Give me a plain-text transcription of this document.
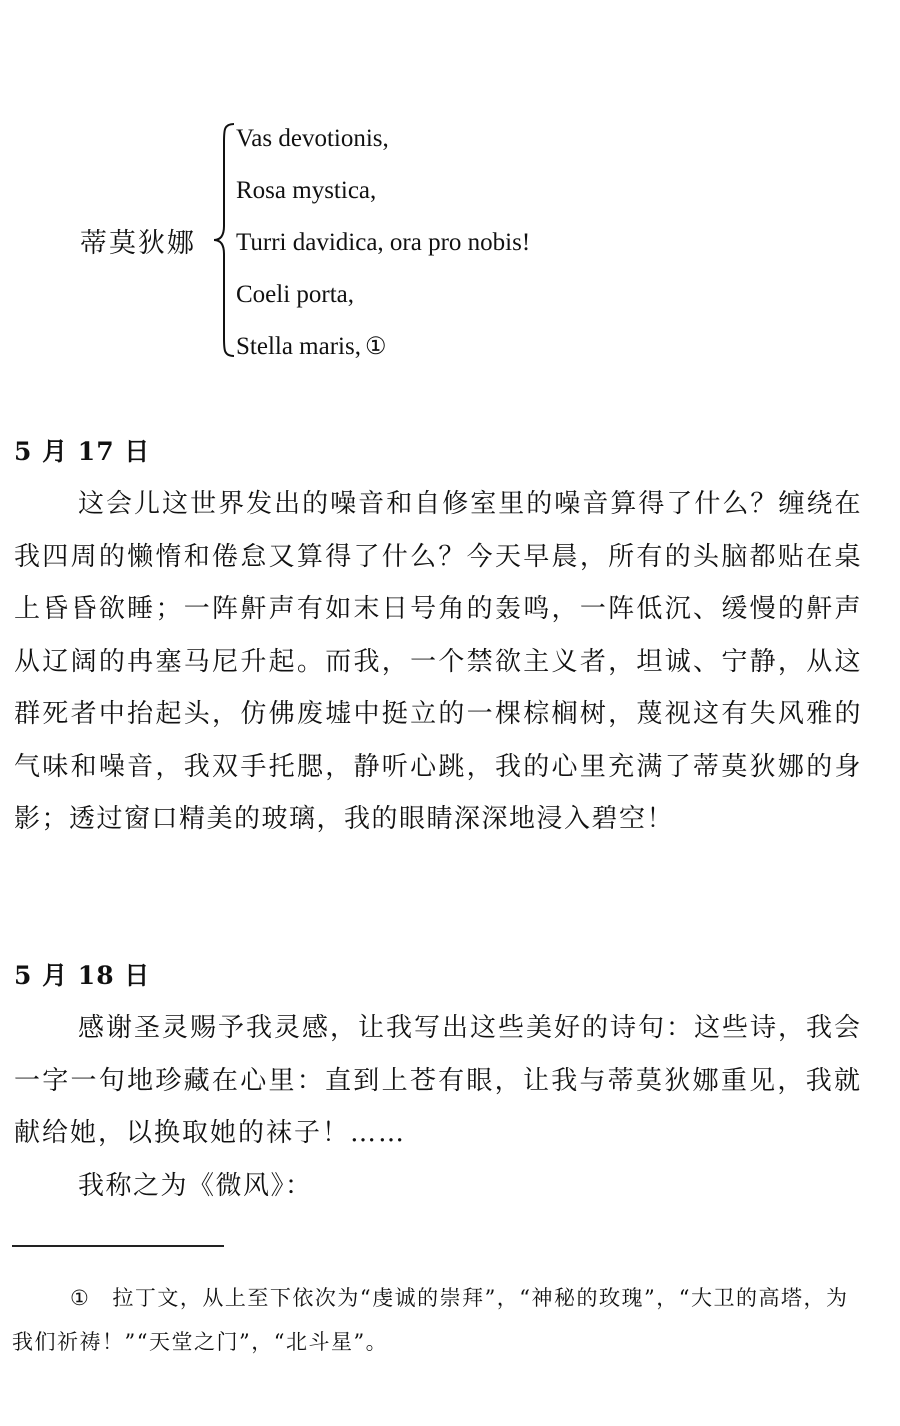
蒂莫狄娜
Vas devotionis,
Rosa mystica,
Turri davidica, ora pro nobis!
Coeli porta,
Stella maris, ①
5 月 17 日

这会儿这世界发出的噪音和自修室里的噪音算得了什么？缠绕在我四周的懒惰和倦怠又算得了什么？今天早晨，所有的头脑都贴在桌上昏昏欲睡；一阵鼾声有如末日号角的轰鸣，一阵低沉、缓慢的鼾声从辽阔的冉塞马尼升起。而我，一个禁欲主义者，坦诚、宁静，从这群死者中抬起头，仿佛废墟中挺立的一棵棕榈树，蔑视这有失风雅的气味和噪音，我双手托腮，静听心跳，我的心里充满了蒂莫狄娜的身影；透过窗口精美的玻璃，我的眼睛深深地浸入碧空！

5 月 18 日

感谢圣灵赐予我灵感，让我写出这些美好的诗句：这些诗，我会一字一句地珍藏在心里：直到上苍有眼，让我与蒂莫狄娜重见，我就献给她，以换取她的袜子！……

我称之为《微风》：

① 拉丁文，从上至下依次为“虔诚的崇拜”，“神秘的玫瑰”，“大卫的高塔，为我们祈祷！”“天堂之门”，“北斗星”。
